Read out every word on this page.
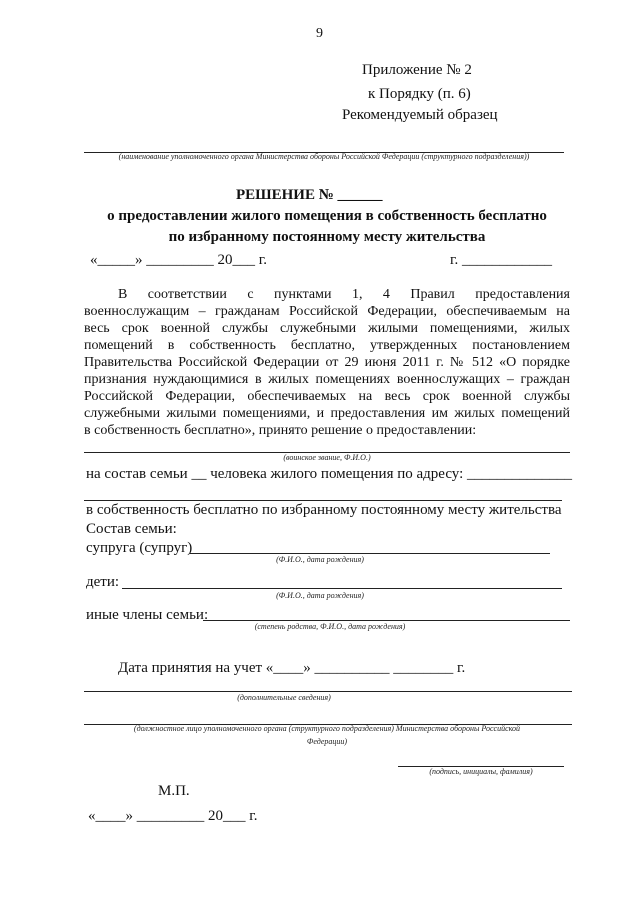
9
Приложение № 2
к Порядку (п. 6)
Рекомендуемый образец
(наименование уполномоченного органа Министерства обороны Российской Федерации (структурного подразделения))
РЕШЕНИЕ № ______
о предоставлении жилого помещения в собственность бесплатно
по избранному постоянному месту жительства
«_____» _________ 20___ г.	г. ____________
В соответствии с пунктами 1, 4 Правил предоставления
военнослужащим – гражданам Российской Федерации, обеспечиваемым на
весь срок военной службы служебными жилыми помещениями, жилых
помещений в собственность бесплатно, утвержденных постановлением
Правительства Российской Федерации от 29 июня 2011 г. № 512 «О порядке
признания нуждающимися в жилых помещениях военнослужащих – граждан
Российской Федерации, обеспечиваемых на весь срок военной службы
служебными жилыми помещениями, и предоставления им жилых помещений
в собственность бесплатно», принято решение о предоставлении:
(воинское звание, Ф.И.О.)
на состав семьи __ человека жилого помещения по адресу: ______________
в собственность бесплатно по избранному постоянному месту жительства
Состав семьи:
супруга (супруг)
(Ф.И.О., дата рождения)
дети:
(Ф.И.О., дата рождения)
иные члены семьи:
(степень родства, Ф.И.О., дата рождения)
Дата принятия на учет «____» __________ ________ г.
(дополнительные сведения)
(должностное лицо уполномоченного органа (структурного подразделения) Министерства обороны Российской
Федерации)
(подпись, инициалы, фамилия)
М.П.
«____» _________ 20___ г.
